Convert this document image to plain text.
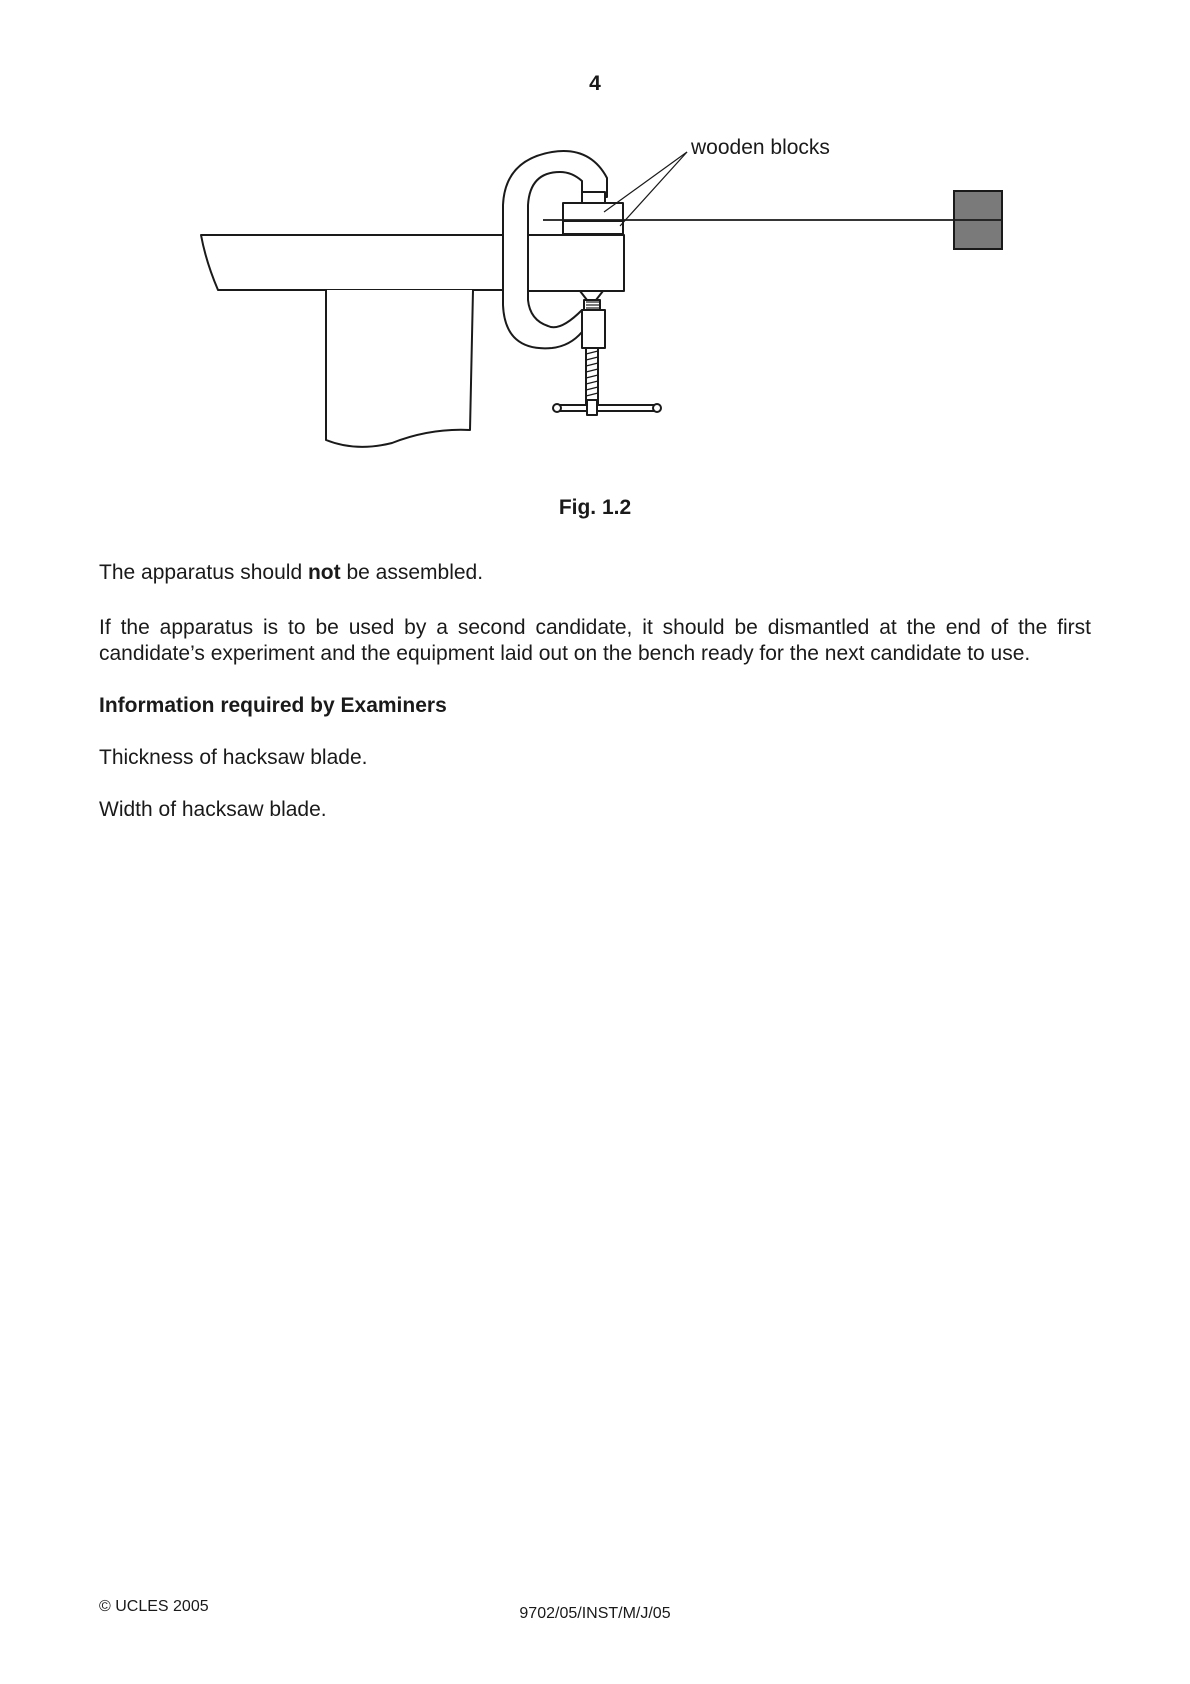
4
wooden blocks
Fig. 1.2
The apparatus should not be assembled.
If the apparatus is to be used by a second candidate, it should be dismantled at the end of the first candidate’s experiment and the equipment laid out on the bench ready for the next candidate to use.
Information required by Examiners
Thickness of hacksaw blade.
Width of hacksaw blade.
© UCLES 2005	9702/05/INST/M/J/05
